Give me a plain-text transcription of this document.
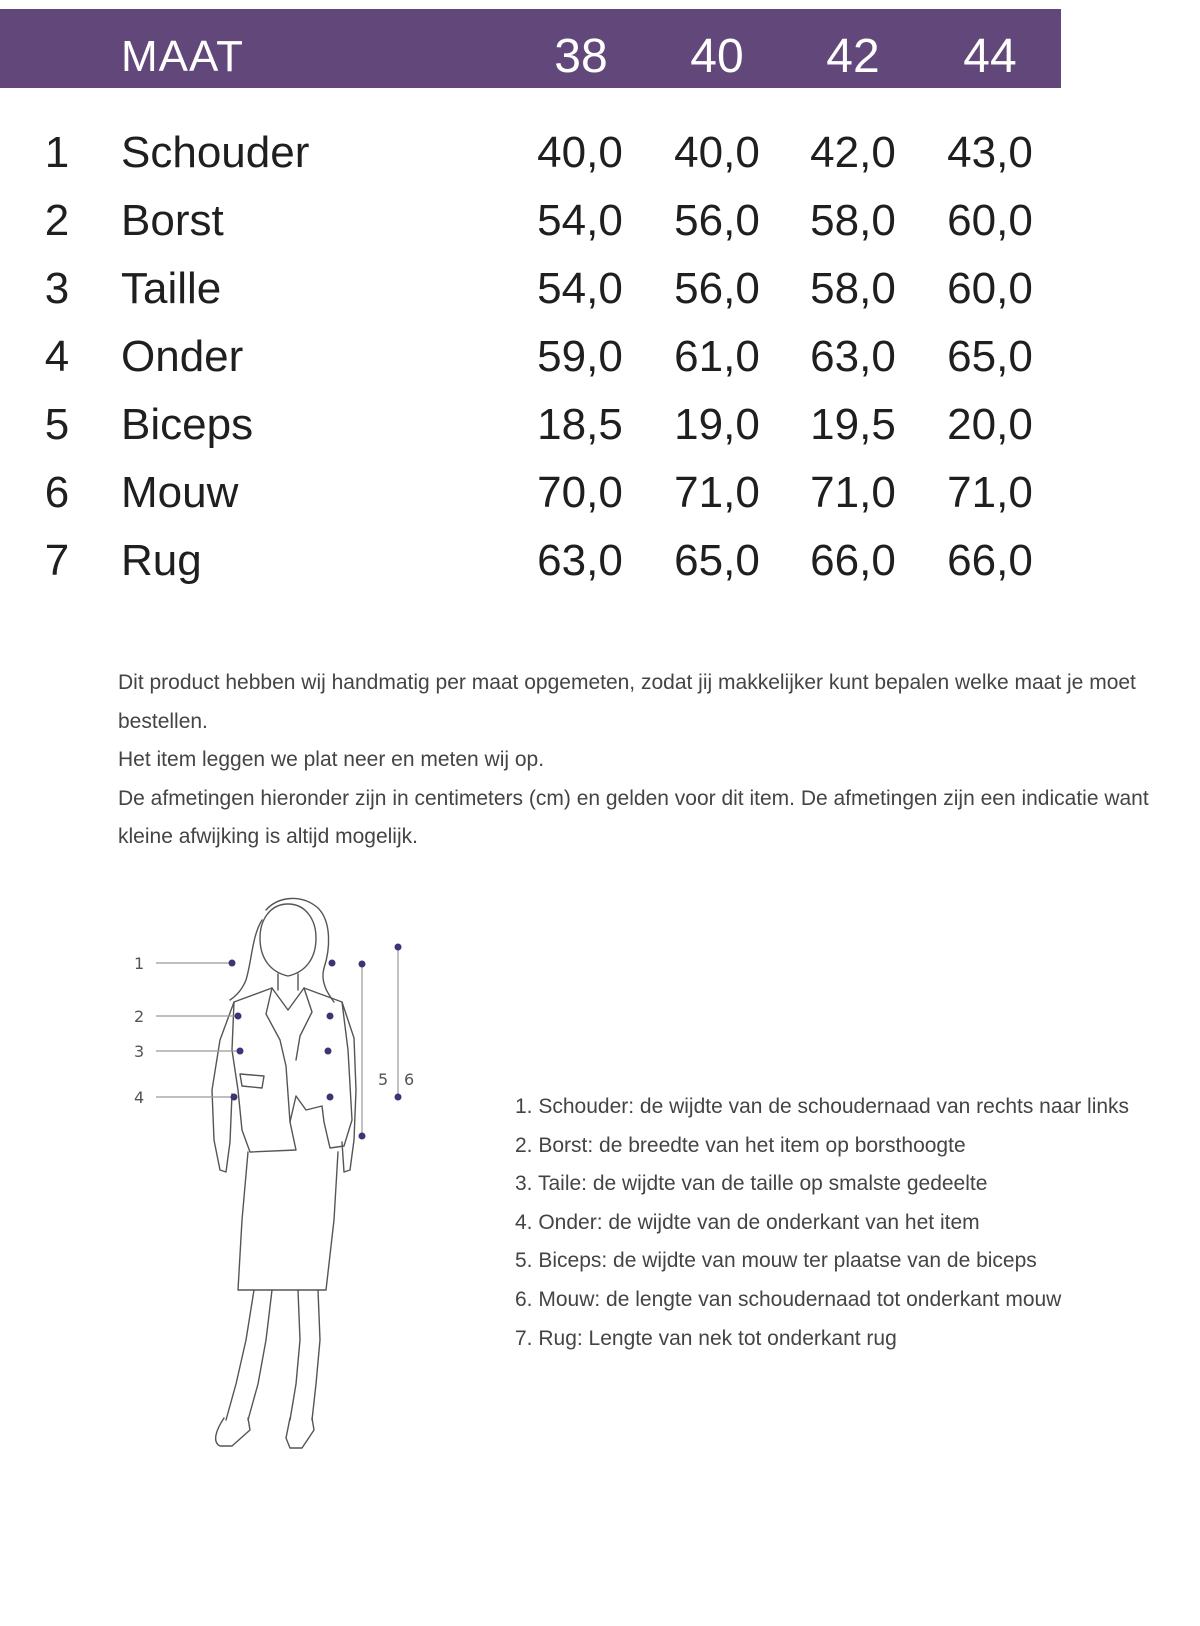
MAAT	38	40	42	44
1 Schouder	40,0	40,0	42,0	43,0
2 Borst	54,0	56,0	58,0	60,0
3 Taille	54,0	56,0	58,0	60,0
4 Onder	59,0	61,0	63,0	65,0
5 Biceps	18,5	19,0	19,5	20,0
6 Mouw	70,0	71,0	71,0	71,0
7 Rug	63,0	65,0	66,0	66,0

Dit product hebben wij handmatig per maat opgemeten, zodat jij makkelijker kunt bepalen welke maat je moet bestellen.

Het item leggen we plat neer en meten wij op.

De afmetingen hieronder zijn in centimeters (cm) en gelden voor dit item. De afmetingen zijn een indicatie want kleine afwijking is altijd mogelijk.

1
2
3
4
5 6
1. Schouder: de wijdte van de schoudernaad van rechts naar links
2. Borst: de breedte van het item op borsthoogte
3. Taile: de wijdte van de taille op smalste gedeelte
4. Onder: de wijdte van de onderkant van het item
5. Biceps: de wijdte van mouw ter plaatse van de biceps
6. Mouw: de lengte van schoudernaad tot onderkant mouw
7. Rug: Lengte van nek tot onderkant rug
